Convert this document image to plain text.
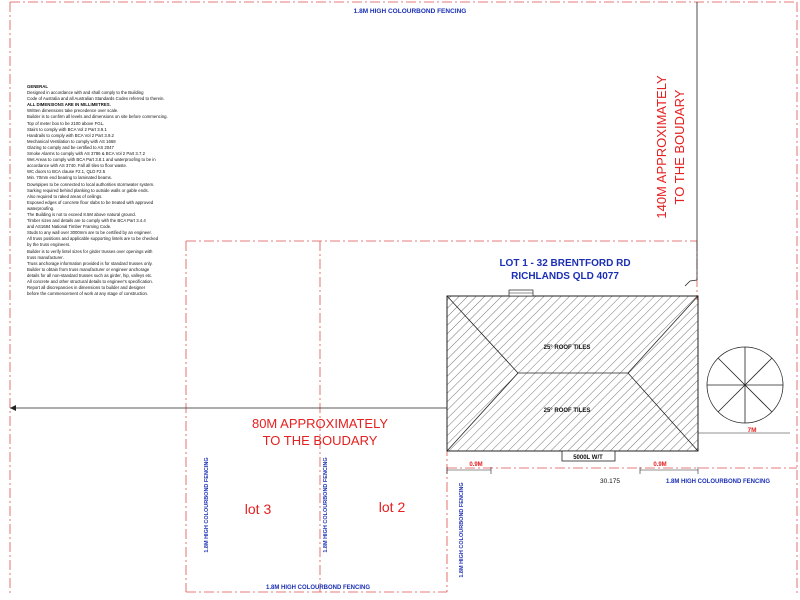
1.8M HIGH COLOURBOND FENCING
1.8M HIGH COLOURBOND FENCING
1.8M HIGH COLOURBOND FENCING
1.8M HIGH COLOURBOND FENCING	1.8M HIGH COLOURBOND FENCING	1.8M HIGH COLOURBOND FENCING
LOT 1 - 32 BRENTFORD RD
RICHLANDS QLD 4077
25° ROOF TILES
25° ROOF TILES
140M APPROXIMATELY TO THE BOUDARY
80M APPROXIMATELY
TO THE BOUDARY
lot 3	lot 2
5000L W/T
0.9M	0.9M
30.175
7M
GENERAL
Designed in accordance with and shall comply to the Building
Code of Australia and all Australian Standards Codes referred to therein.
ALL DIMENSIONS ARE IN MILLIMETRES.
Written dimensions take precedence over scale.
Builder is to confirm all levels and dimensions on site before commencing.
Top of meter box to be 2100 above FGL.
Stairs to comply with BCA Vol 2 Part 3.9.1
Handrails to comply with BCA Vol 2 Part 3.9.2
Mechanical Ventilation to comply with AS 1668
Glazing to comply and be certified to AS 2047
Smoke Alarms to comply with AS 3786 & BCA Vol 2 Part 3.7.2
Wet Areas to comply with BCA Part 3.8.1 and waterproofing to be in
accordance with AS 3740. Fall all tiles to floor waste.
WC doors to BCA clause F2.1, QLD F2.5
Min. 70mm end bearing to laminated beams.
Downpipes to be connected to local authorities stormwater system.
Sarking required behind planking to outside walls or gable ends.
Also required to raked areas of ceilings.
Exposed edges of concrete floor slabs to be treated with approved
waterproofing.
The Building is not to exceed 8.5M above natural ground.
Timber sizes and details are to comply with the BCA Part 3.4.4
and AS1684 National Timber Framing Code.
Studs to any wall over 3000mm are to be certified by an engineer.
All truss positions and applicable supporting lintels are to be checked
by the truss engineers.
Builder is to verify lintel sizes for girder trusses over openings with
truss manufacturer.
Truss anchorage information provided is for standard trusses only.
Builder to obtain from truss manufacturer or engineer anchorage
details for all non-standard trusses such as girder, hip, valleys etc.
All concrete and other structural details to engineer's specification.
Report all discrepancies in dimensions to builder and designer
before the commencement of work at any stage of construction.
